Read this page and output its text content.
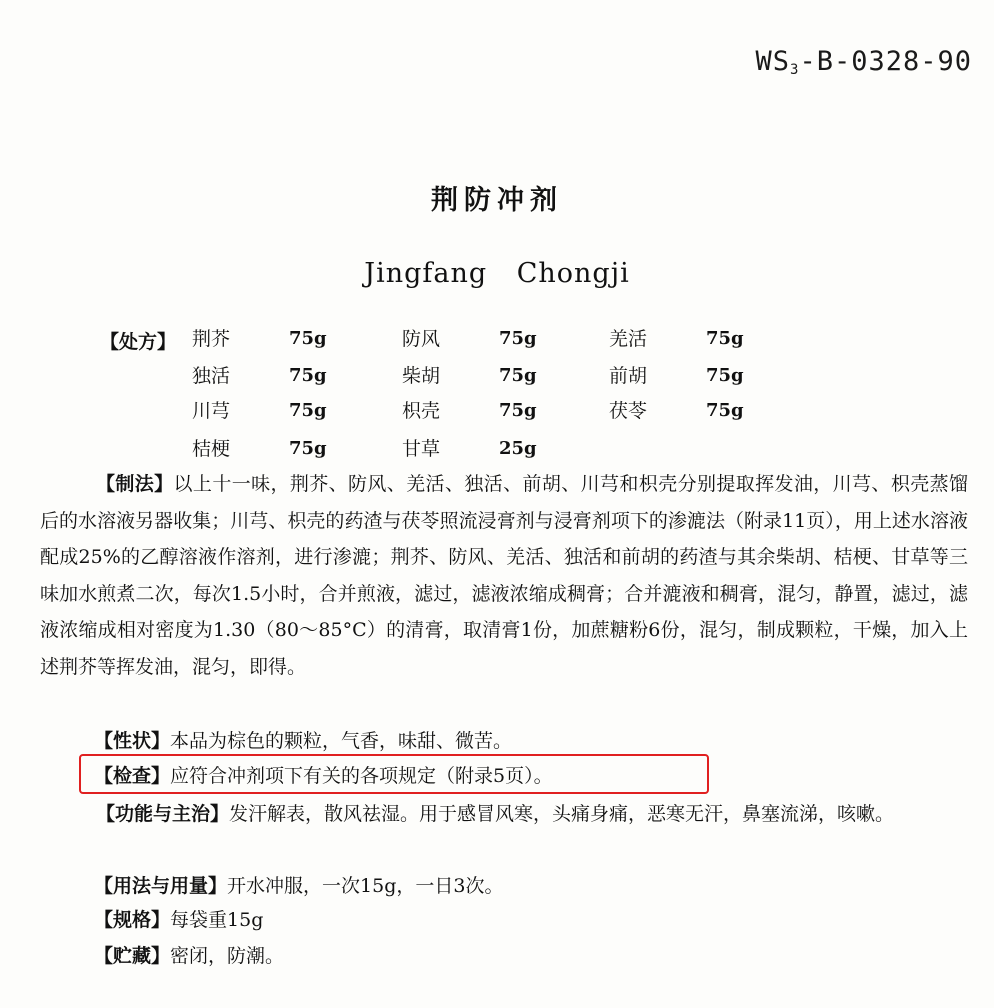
$WS_3-B-0328-90$
荆防冲剂
Jingfang Chongji
【处方】 荆芥	75g	防风	75g	羌活	75g
独活	75g	柴胡	75g	前胡	75g
川芎	75g	枳壳	75g	茯苓	75g
桔梗	75g	甘草	25g
【制法】以上十一味，荆芥、防风、羌活、独活、前胡、川芎和枳壳分别提取挥发油，川芎、枳壳蒸馏后的水溶液另器收集；川芎、枳壳的药渣与茯苓照流浸膏剂与浸膏剂项下的渗漉法（附录11页），用上述水溶液配成25%的乙醇溶液作溶剂，进行渗漉；荆芥、防风、羌活、独活和前胡的药渣与其余柴胡、桔梗、甘草等三味加水煎煮二次，每次1.5小时，合并煎液，滤过，滤液浓缩成稠膏；合并漉液和稠膏，混匀，静置，滤过，滤液浓缩成相对密度为1.30（80～85°C）的清膏，取清膏1份，加蔗糖粉6份，混匀，制成颗粒，干燥，加入上述荆芥等挥发油，混匀，即得。
【性状】本品为棕色的颗粒，气香，味甜、微苦。
【检查】应符合冲剂项下有关的各项规定（附录5页）。
【功能与主治】发汗解表，散风祛湿。用于感冒风寒，头痛身痛，恶寒无汗，鼻塞流涕，咳嗽。
【用法与用量】开水冲服，一次15g，一日3次。
【规格】每袋重15g
【贮藏】密闭，防潮。
